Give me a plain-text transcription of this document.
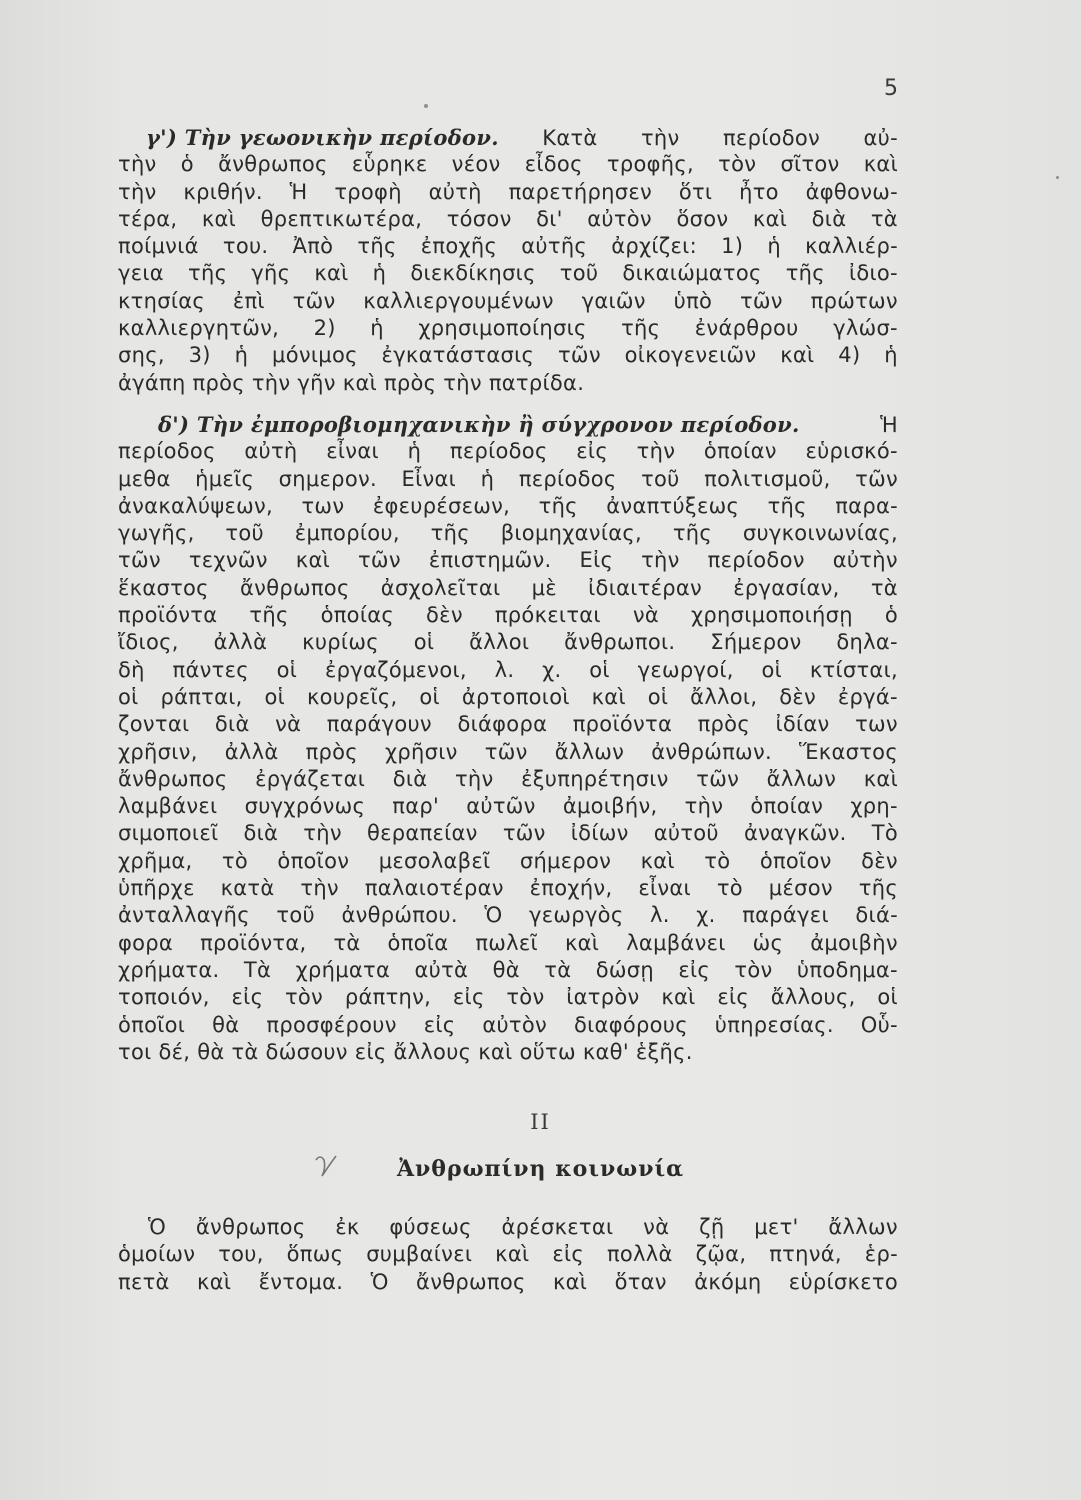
5
γ') Τὴν γεωονικὴν περίοδον. Κατὰ τὴν περίοδον αὐ-
τὴν ὁ ἄνθρωπος εὗρηκε νέον εἶδος τροφῆς, τὸν σῖτον καὶ
τὴν κριθήν. Ἡ τροφὴ αὐτὴ παρετήρησεν ὅτι ἦτο ἀφθονω-
τέρα, καὶ θρεπτικωτέρα, τόσον δι' αὐτὸν ὅσον καὶ διὰ τὰ
ποίμνιά του. Ἀπὸ τῆς ἐποχῆς αὐτῆς ἀρχίζει: 1) ἡ καλλιέρ-
γεια τῆς γῆς καὶ ἡ διεκδίκησις τοῦ δικαιώματος τῆς ἰδιο-
κτησίας ἐπὶ τῶν καλλιεργουμένων γαιῶν ὑπὸ τῶν πρώτων
καλλιεργητῶν, 2) ἡ χρησιμοποίησις τῆς ἐνάρθρου γλώσ-
σης, 3) ἡ μόνιμος ἐγκατάστασις τῶν οἰκογενειῶν καὶ 4) ἡ
ἀγάπη πρὸς τὴν γῆν καὶ πρὸς τὴν πατρίδα.
δ') Τὴν ἐμποροβιομηχανικὴν ἢ σύγχρονον περίοδον.	Ἡ
περίοδος αὐτὴ εἶναι ἡ περίοδος εἰς τὴν ὁποίαν εὑρισκό-
μεθα ἡμεῖς σημερον. Εἶναι ἡ περίοδος τοῦ πολιτισμοῦ, τῶν
ἀνακαλύψεων, των ἐφευρέσεων, τῆς ἀναπτύξεως τῆς παρα-
γωγῆς, τοῦ ἐμπορίου, τῆς βιομηχανίας, τῆς συγκοινωνίας,
τῶν τεχνῶν καὶ τῶν ἐπιστημῶν. Εἰς τὴν περίοδον αὐτὴν
ἕκαστος ἄνθρωπος ἀσχολεῖται μὲ ἰδιαιτέραν ἐργασίαν, τὰ
προϊόντα τῆς ὁποίας δὲν πρόκειται νὰ χρησιμοποιήσῃ ὁ
ἴδιος, ἀλλὰ κυρίως οἱ ἄλλοι ἄνθρωποι. Σήμερον δηλα-
δὴ πάντες οἱ ἐργαζόμενοι, λ. χ. οἱ γεωργοί, οἱ κτίσται,
οἱ ράπται, οἱ κουρεῖς, οἱ ἀρτοποιοὶ καὶ οἱ ἄλλοι, δὲν ἐργά-
ζονται διὰ νὰ παράγουν διάφορα προϊόντα πρὸς ἰδίαν των
χρῆσιν, ἀλλὰ πρὸς χρῆσιν τῶν ἄλλων ἀνθρώπων. Ἕκαστος
ἄνθρωπος ἐργάζεται διὰ τὴν ἐξυπηρέτησιν τῶν ἄλλων καὶ
λαμβάνει συγχρόνως παρ' αὐτῶν ἀμοιβήν, τὴν ὁποίαν χρη-
σιμοποιεῖ διὰ τὴν θεραπείαν τῶν ἰδίων αὐτοῦ ἀναγκῶν. Τὸ
χρῆμα, τὸ ὁποῖον μεσολαβεῖ σήμερον καὶ τὸ ὁποῖον δὲν
ὑπῆρχε κατὰ τὴν παλαιοτέραν ἐποχήν, εἶναι τὸ μέσον τῆς
ἀνταλλαγῆς τοῦ ἀνθρώπου. Ὁ γεωργὸς λ. χ. παράγει διά-
φορα προϊόντα, τὰ ὁποῖα πωλεῖ καὶ λαμβάνει ὡς ἀμοιβὴν
χρήματα. Τὰ χρήματα αὐτὰ θὰ τὰ δώσῃ εἰς τὸν ὑποδημα-
τοποιόν, εἰς τὸν ράπτην, εἰς τὸν ἰατρὸν καὶ εἰς ἄλλους, οἱ
ὁποῖοι θὰ προσφέρουν εἰς αὐτὸν διαφόρους ὑπηρεσίας. Οὗ-
τοι δέ, θὰ τὰ δώσουν εἰς ἄλλους καὶ οὕτω καθ' ἑξῆς.
II
Ἀνθρωπίνη κοινωνία
Ὁ ἄνθρωπος ἐκ φύσεως ἀρέσκεται νὰ ζῇ μετ' ἄλλων
ὁμοίων του, ὅπως συμβαίνει καὶ εἰς πολλὰ ζῷα, πτηνά, ἑρ-
πετὰ καὶ ἔντομα. Ὁ ἄνθρωπος καὶ ὅταν ἀκόμη εὑρίσκετο
